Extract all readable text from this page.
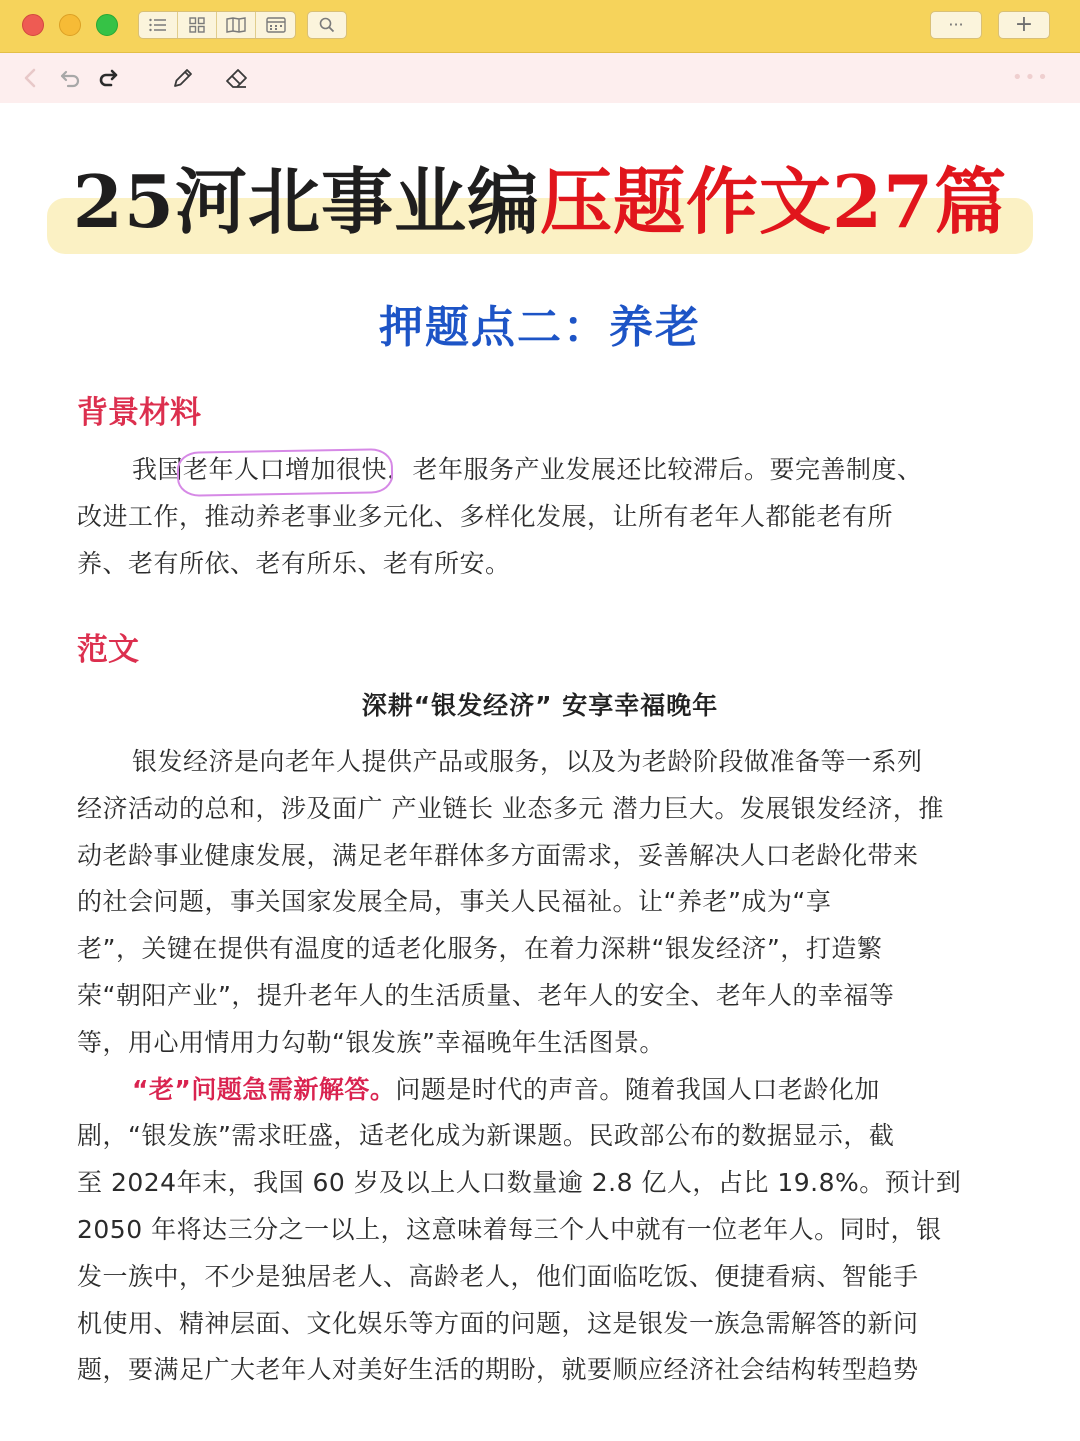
··· +
•••
25河北事业编压题作文27篇
押题点二：养老
背景材料
我国老年人口增加很快，老年服务产业发展还比较滞后。要完善制度、
改进工作，推动养老事业多元化、多样化发展，让所有老年人都能老有所
养、老有所依、老有所乐、老有所安。
范文
深耕“银发经济” 安享幸福晚年
银发经济是向老年人提供产品或服务，以及为老龄阶段做准备等一系列
经济活动的总和，涉及面广 产业链长 业态多元 潜力巨大。发展银发经济，推
动老龄事业健康发展，满足老年群体多方面需求，妥善解决人口老龄化带来
的社会问题，事关国家发展全局，事关人民福祉。让“养老”成为“享
老”，关键在提供有温度的适老化服务，在着力深耕“银发经济”，打造繁
荣“朝阳产业”，提升老年人的生活质量、老年人的安全、老年人的幸福等
等，用心用情用力勾勒“银发族”幸福晚年生活图景。
“老”问题急需新解答。问题是时代的声音。随着我国人口老龄化加
剧，“银发族”需求旺盛，适老化成为新课题。民政部公布的数据显示，截
至 2024年末，我国 60 岁及以上人口数量逾 2.8 亿人，占比 19.8%。预计到
2050 年将达三分之一以上，这意味着每三个人中就有一位老年人。同时，银
发一族中，不少是独居老人、高龄老人，他们面临吃饭、便捷看病、智能手
机使用、精神层面、文化娱乐等方面的问题，这是银发一族急需解答的新问
题，要满足广大老年人对美好生活的期盼，就要顺应经济社会结构转型趋势
